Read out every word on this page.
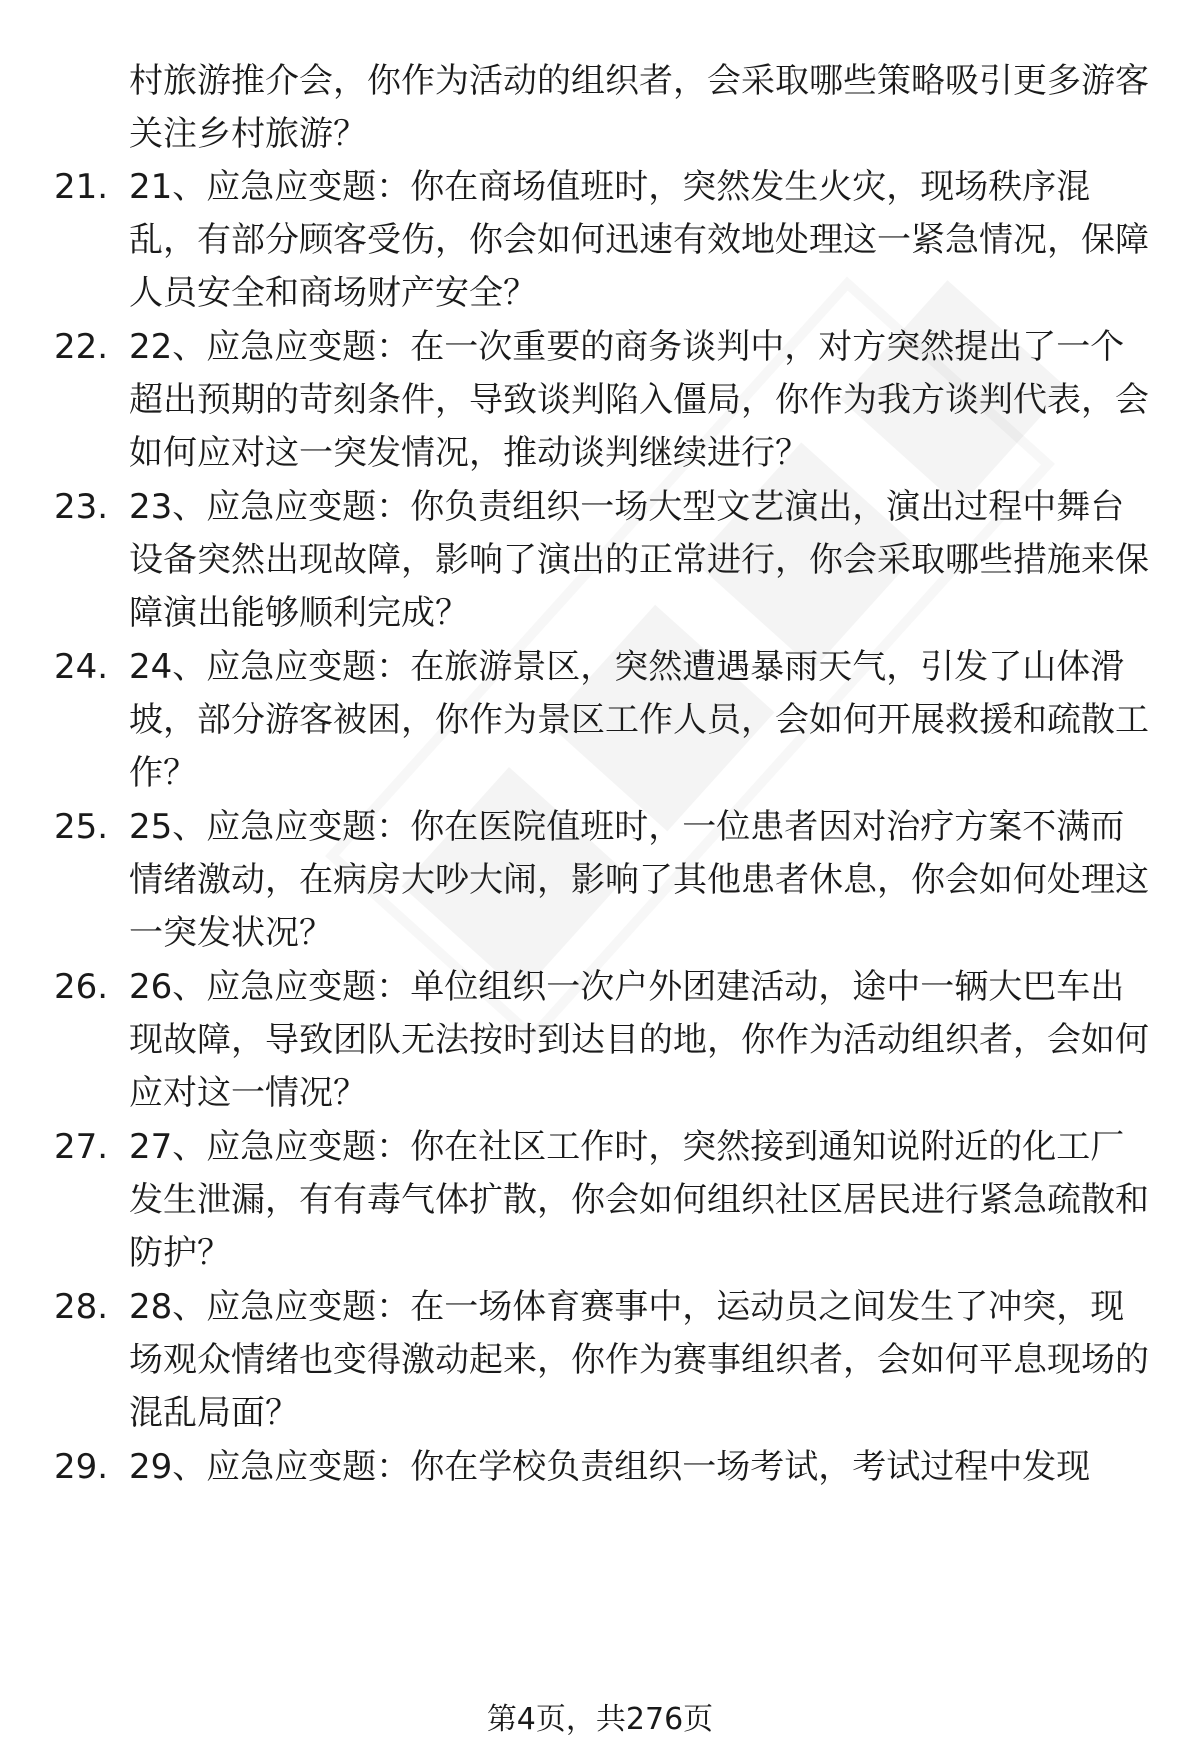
村旅游推介会，你作为活动的组织者，会采取哪些策略吸引更多游客关注乡村旅游？

21. 21、应急应变题：你在商场值班时，突然发生火灾，现场秩序混乱，有部分顾客受伤，你会如何迅速有效地处理这一紧急情况，保障人员安全和商场财产安全？
22. 22、应急应变题：在一次重要的商务谈判中，对方突然提出了一个超出预期的苛刻条件，导致谈判陷入僵局，你作为我方谈判代表，会如何应对这一突发情况，推动谈判继续进行？
23. 23、应急应变题：你负责组织一场大型文艺演出，演出过程中舞台设备突然出现故障，影响了演出的正常进行，你会采取哪些措施来保障演出能够顺利完成？
24. 24、应急应变题：在旅游景区，突然遭遇暴雨天气，引发了山体滑坡，部分游客被困，你作为景区工作人员，会如何开展救援和疏散工作？
25. 25、应急应变题：你在医院值班时，一位患者因对治疗方案不满而情绪激动，在病房大吵大闹，影响了其他患者休息，你会如何处理这一突发状况？
26. 26、应急应变题：单位组织一次户外团建活动，途中一辆大巴车出现故障，导致团队无法按时到达目的地，你作为活动组织者，会如何应对这一情况？
27. 27、应急应变题：你在社区工作时，突然接到通知说附近的化工厂发生泄漏，有有毒气体扩散，你会如何组织社区居民进行紧急疏散和防护？
28. 28、应急应变题：在一场体育赛事中，运动员之间发生了冲突，现场观众情绪也变得激动起来，你作为赛事组织者，会如何平息现场的混乱局面？
29. 29、应急应变题：你在学校负责组织一场考试，考试过程中发现
第4页，共276页
